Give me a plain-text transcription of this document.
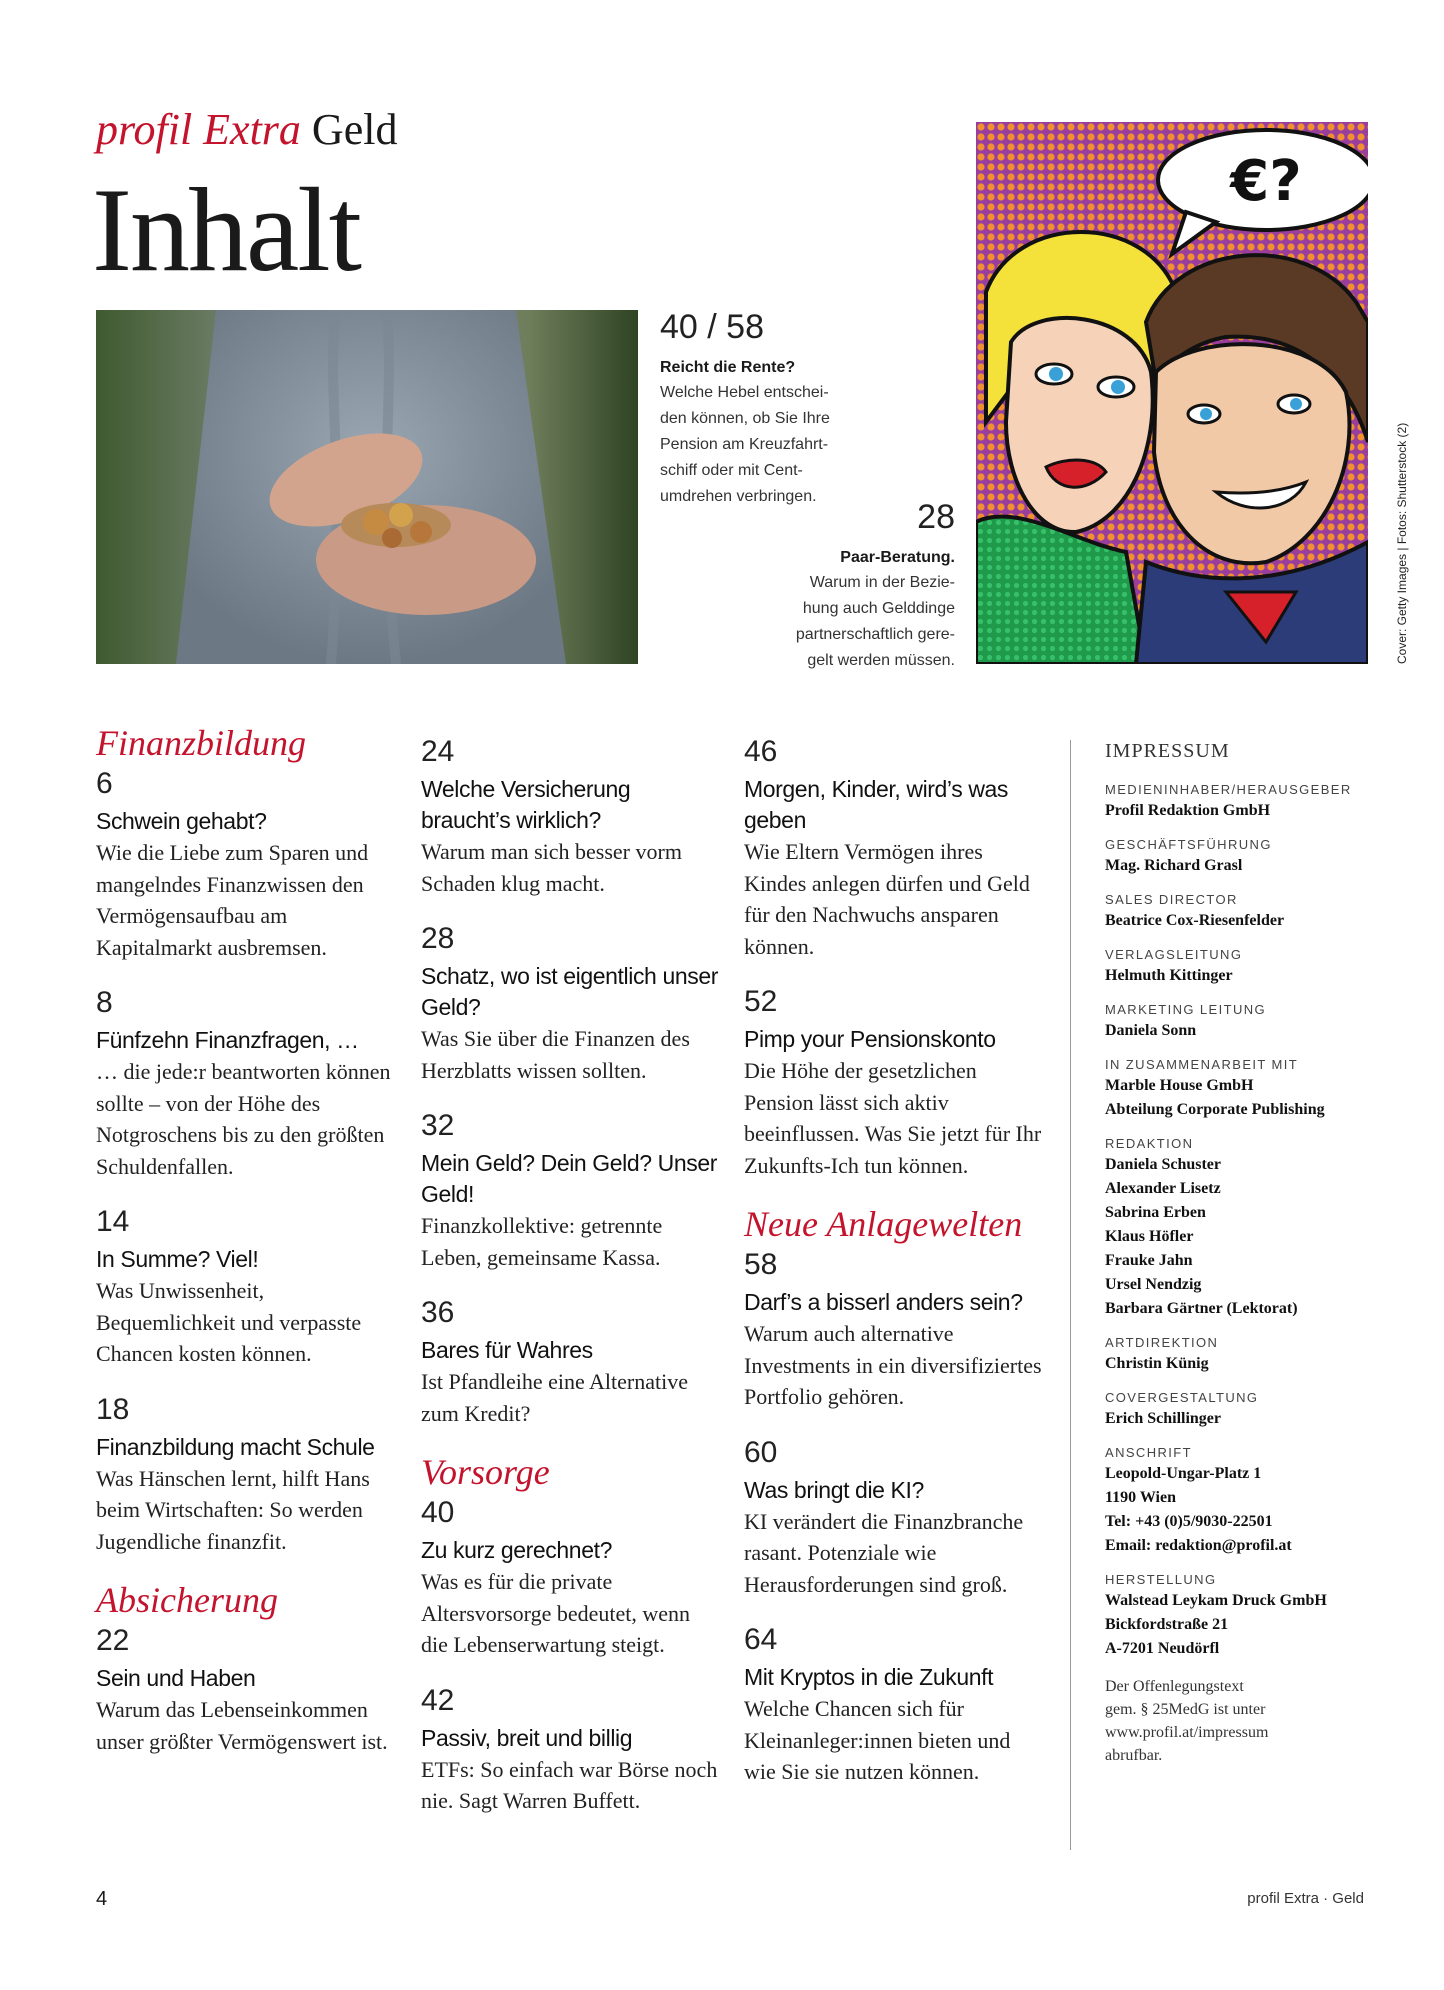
profil Extra Geld
Inhalt	€?
Cover: Getty Images | Fotos: Shutterstock (2)
40 / 58
Reicht die Rente?
Welche Hebel entschei-
den können, ob Sie Ihre
Pension am Kreuzfahrt-
schiff oder mit Cent-
umdrehen verbringen.
28
Paar-Beratung.
Warum in der Bezie-
hung auch Gelddinge
partnerschaftlich gere-
gelt werden müssen.
Finanzbildung
6
Schwein gehabt?
Wie die Liebe zum Sparen und mangelndes Finanzwissen den Vermögensaufbau am Kapitalmarkt ausbremsen.
8
Fünfzehn Finanzfragen, …
… die jede:r beantworten können sollte – von der Höhe des Notgroschens bis zu den größten Schuldenfallen.
14
In Summe? Viel!
Was Unwissenheit, Bequemlichkeit und verpasste Chancen kosten können.
18
Finanzbildung macht Schule
Was Hänschen lernt, hilft Hans beim Wirtschaften: So werden Jugendliche finanzfit.
Absicherung
22
Sein und Haben
Warum das Lebenseinkommen unser größter Vermögenswert ist.
24
Welche Versicherung braucht’s wirklich?
Warum man sich besser vorm Schaden klug macht.
28
Schatz, wo ist eigentlich unser Geld?
Was Sie über die Finanzen des Herzblatts wissen sollten.
32
Mein Geld? Dein Geld? Unser Geld!
Finanzkollektive: getrennte Leben, gemeinsame Kassa.
36
Bares für Wahres
Ist Pfandleihe eine Alternative zum Kredit?
Vorsorge
40
Zu kurz gerechnet?
Was es für die private Altersvorsorge bedeutet, wenn die Lebenserwartung steigt.
42
Passiv, breit und billig
ETFs: So einfach war Börse noch nie. Sagt Warren Buffett.
46
Morgen, Kinder, wird’s was geben
Wie Eltern Vermögen ihres Kindes anlegen dürfen und Geld für den Nachwuchs ansparen können.
52
Pimp your Pensionskonto
Die Höhe der gesetzlichen Pension lässt sich aktiv beeinflussen. Was Sie jetzt für Ihr Zukunfts-Ich tun können.
Neue Anlagewelten
58
Darf’s a bisserl anders sein?
Warum auch alternative Investments in ein diversifiziertes Portfolio gehören.
60
Was bringt die KI?
KI verändert die Finanzbranche rasant. Potenziale wie Herausforderungen sind groß.
64
Mit Kryptos in die Zukunft
Welche Chancen sich für Kleinanleger:innen bieten und wie Sie sie nutzen können.
IMPRESSUM
MEDIENINHABER/HERAUSGEBER
Profil Redaktion GmbH
GESCHÄFTSFÜHRUNG
Mag. Richard Grasl
SALES DIRECTOR
Beatrice Cox-Riesenfelder
VERLAGSLEITUNG
Helmuth Kittinger
MARKETING LEITUNG
Daniela Sonn
IN ZUSAMMENARBEIT MIT
Marble House GmbH
Abteilung Corporate Publishing
REDAKTION
Daniela Schuster
Alexander Lisetz
Sabrina Erben
Klaus Höfler
Frauke Jahn
Ursel Nendzig
Barbara Gärtner (Lektorat)
ARTDIREKTION
Christin Künig
COVERGESTALTUNG
Erich Schillinger
ANSCHRIFT
Leopold-Ungar-Platz 1
1190 Wien
Tel: +43 (0)5/9030-22501
Email: redaktion@profil.at
HERSTELLUNG
Walstead Leykam Druck GmbH
Bickfordstraße 21
A-7201 Neudörfl
Der Offenlegungstext
gem. § 25MedG ist unter
www.profil.at/impressum
abrufbar.
4	profil Extra · Geld
